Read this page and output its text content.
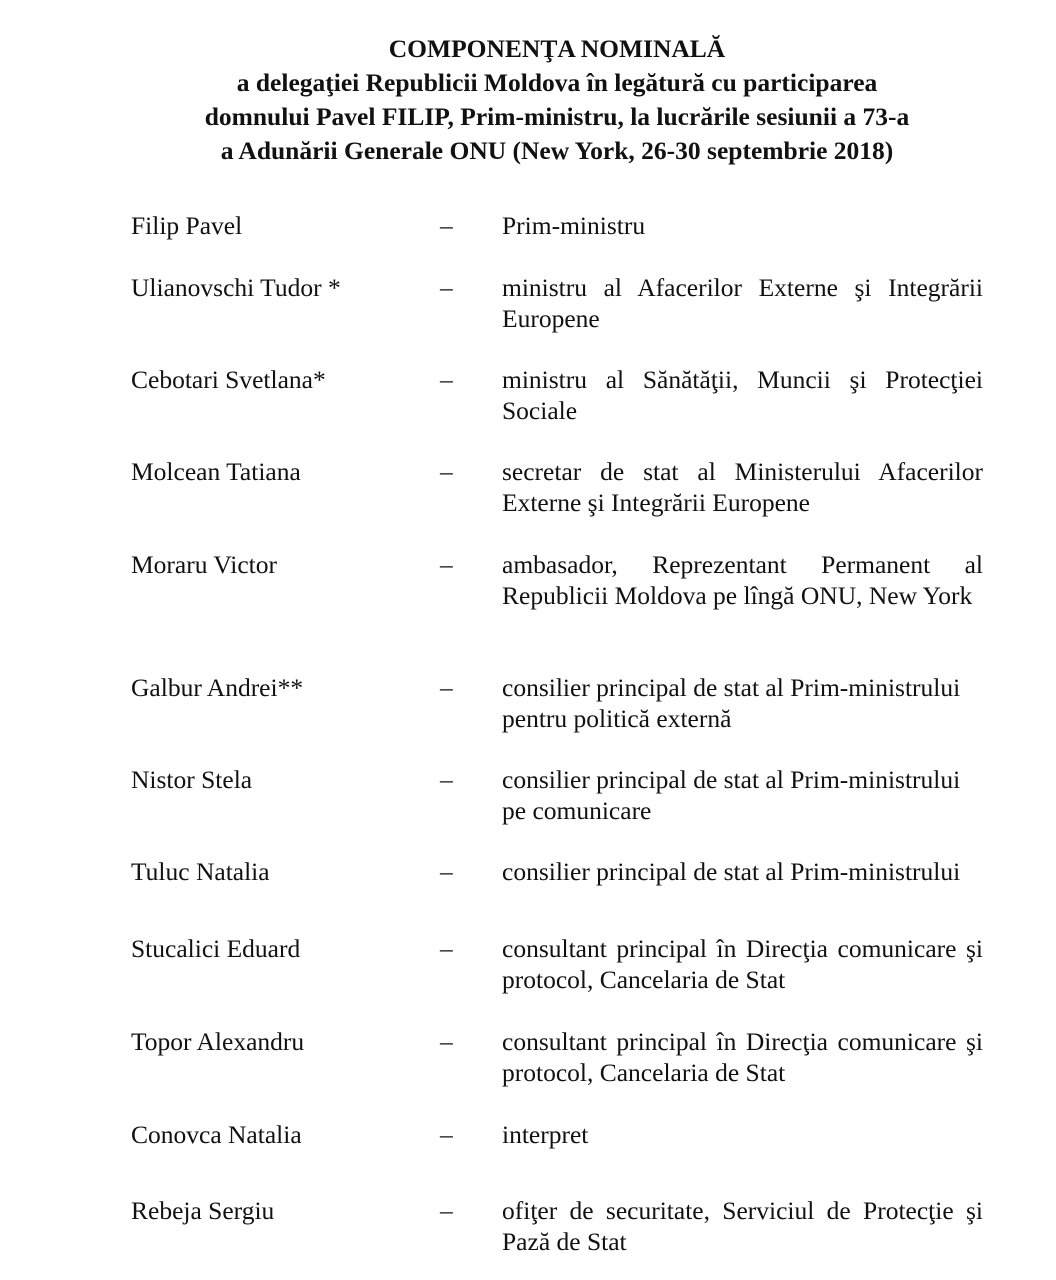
COMPONENŢA NOMINALĂ
a delegaţiei Republicii Moldova în legătură cu participarea
domnului Pavel FILIP, Prim-ministru, la lucrările sesiunii a 73-a
a Adunării Generale ONU (New York, 26-30 septembrie 2018)
Filip Pavel	– Prim-ministru
Ulianovschi Tudor *	– ministru al Afacerilor Externe şi Integrării Europene
Cebotari Svetlana*	– ministru al Sănătăţii, Muncii şi Protecţiei Sociale
Molcean Tatiana	– secretar de stat al Ministerului Afacerilor Externe şi Integrării Europene
Moraru Victor	– ambasador, Reprezentant Permanent al Republicii Moldova pe lîngă ONU, New York
Galbur Andrei**	– consilier principal de stat al Prim-ministrului pentru politică externă
Nistor Stela	– consilier principal de stat al Prim-ministrului pe comunicare
Tuluc Natalia	– consilier principal de stat al Prim-ministrului
Stucalici Eduard	– consultant principal în Direcţia comunicare şi protocol, Cancelaria de Stat
Topor Alexandru	– consultant principal în Direcţia comunicare şi protocol, Cancelaria de Stat
Conovca Natalia	– interpret
Rebeja Sergiu	– ofiţer de securitate, Serviciul de Protecţie şi Pază de Stat
